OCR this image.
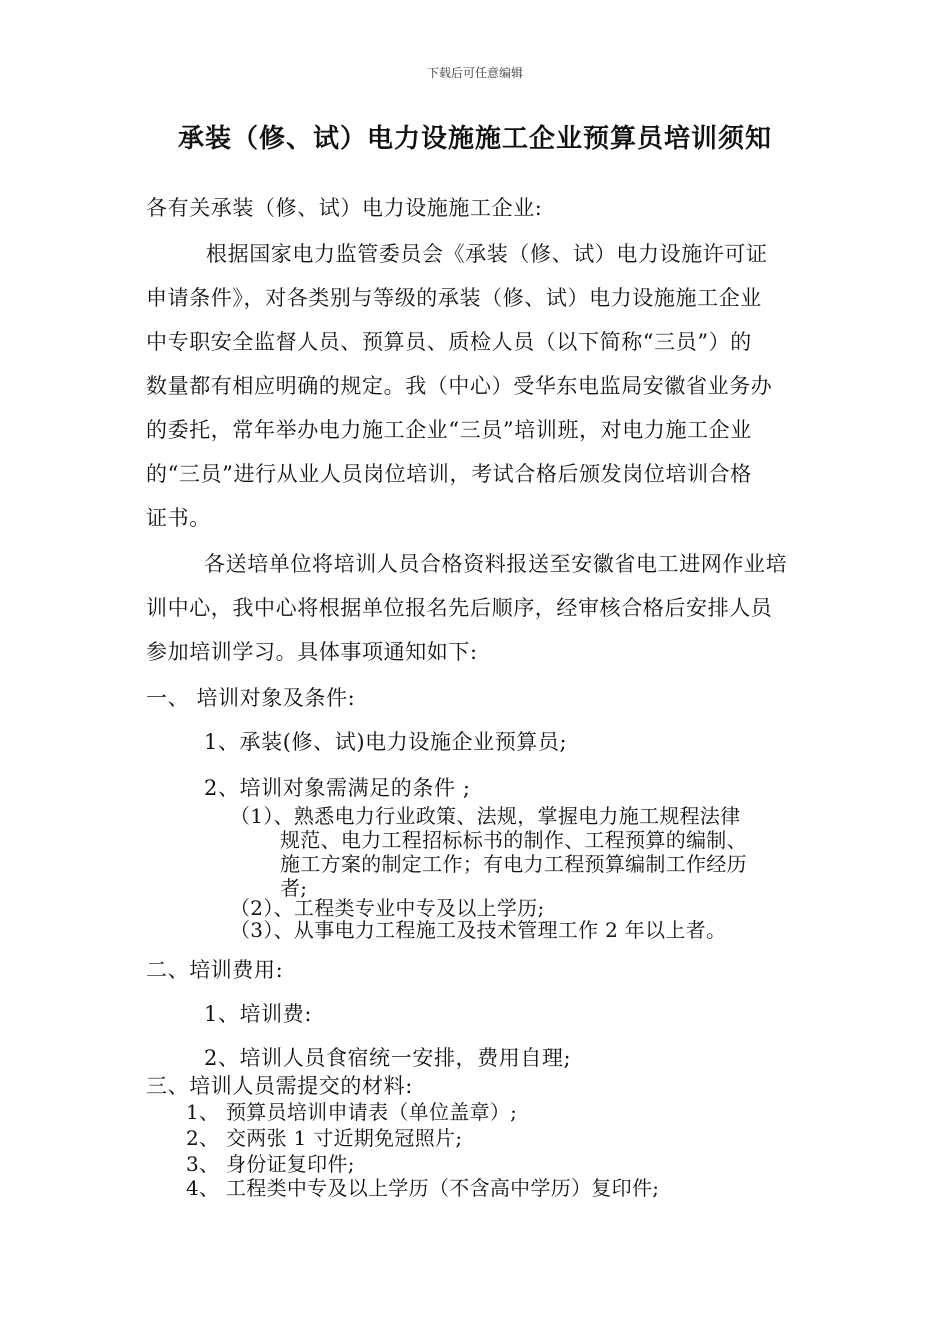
下载后可任意编辑
承装（修、试）电力设施施工企业预算员培训须知
各有关承装（修、试）电力设施施工企业:
根据国家电力监管委员会《承装（修、试）电力设施许可证
申请条件》，对各类别与等级的承装（修、试）电力设施施工企业
中专职安全监督人员、预算员、质检人员（以下简称“三员”）的
数量都有相应明确的规定。我（中心）受华东电监局安徽省业务办
的委托，常年举办电力施工企业“三员”培训班，对电力施工企业
的“三员”进行从业人员岗位培训，考试合格后颁发岗位培训合格
证书。
各送培单位将培训人员合格资料报送至安徽省电工进网作业培
训中心，我中心将根据单位报名先后顺序，经审核合格后安排人员
参加培训学习。具体事项通知如下:
一、 培训对象及条件:
1、承装(修、试)电力设施企业预算员;
2、培训对象需满足的条件 ;
（1）、熟悉电力行业政策、法规，掌握电力施工规程法律
规范、电力工程招标标书的制作、工程预算的编制、
施工方案的制定工作；有电力工程预算编制工作经历
者;
（2）、工程类专业中专及以上学历;
（3）、从事电力工程施工及技术管理工作 2 年以上者。
二、培训费用:
1、培训费:
2、培训人员食宿统一安排，费用自理;
三、培训人员需提交的材料:
1、 预算员培训申请表（单位盖章）;
2、 交两张 1 寸近期免冠照片;
3、 身份证复印件;
4、 工程类中专及以上学历（不含高中学历）复印件;
